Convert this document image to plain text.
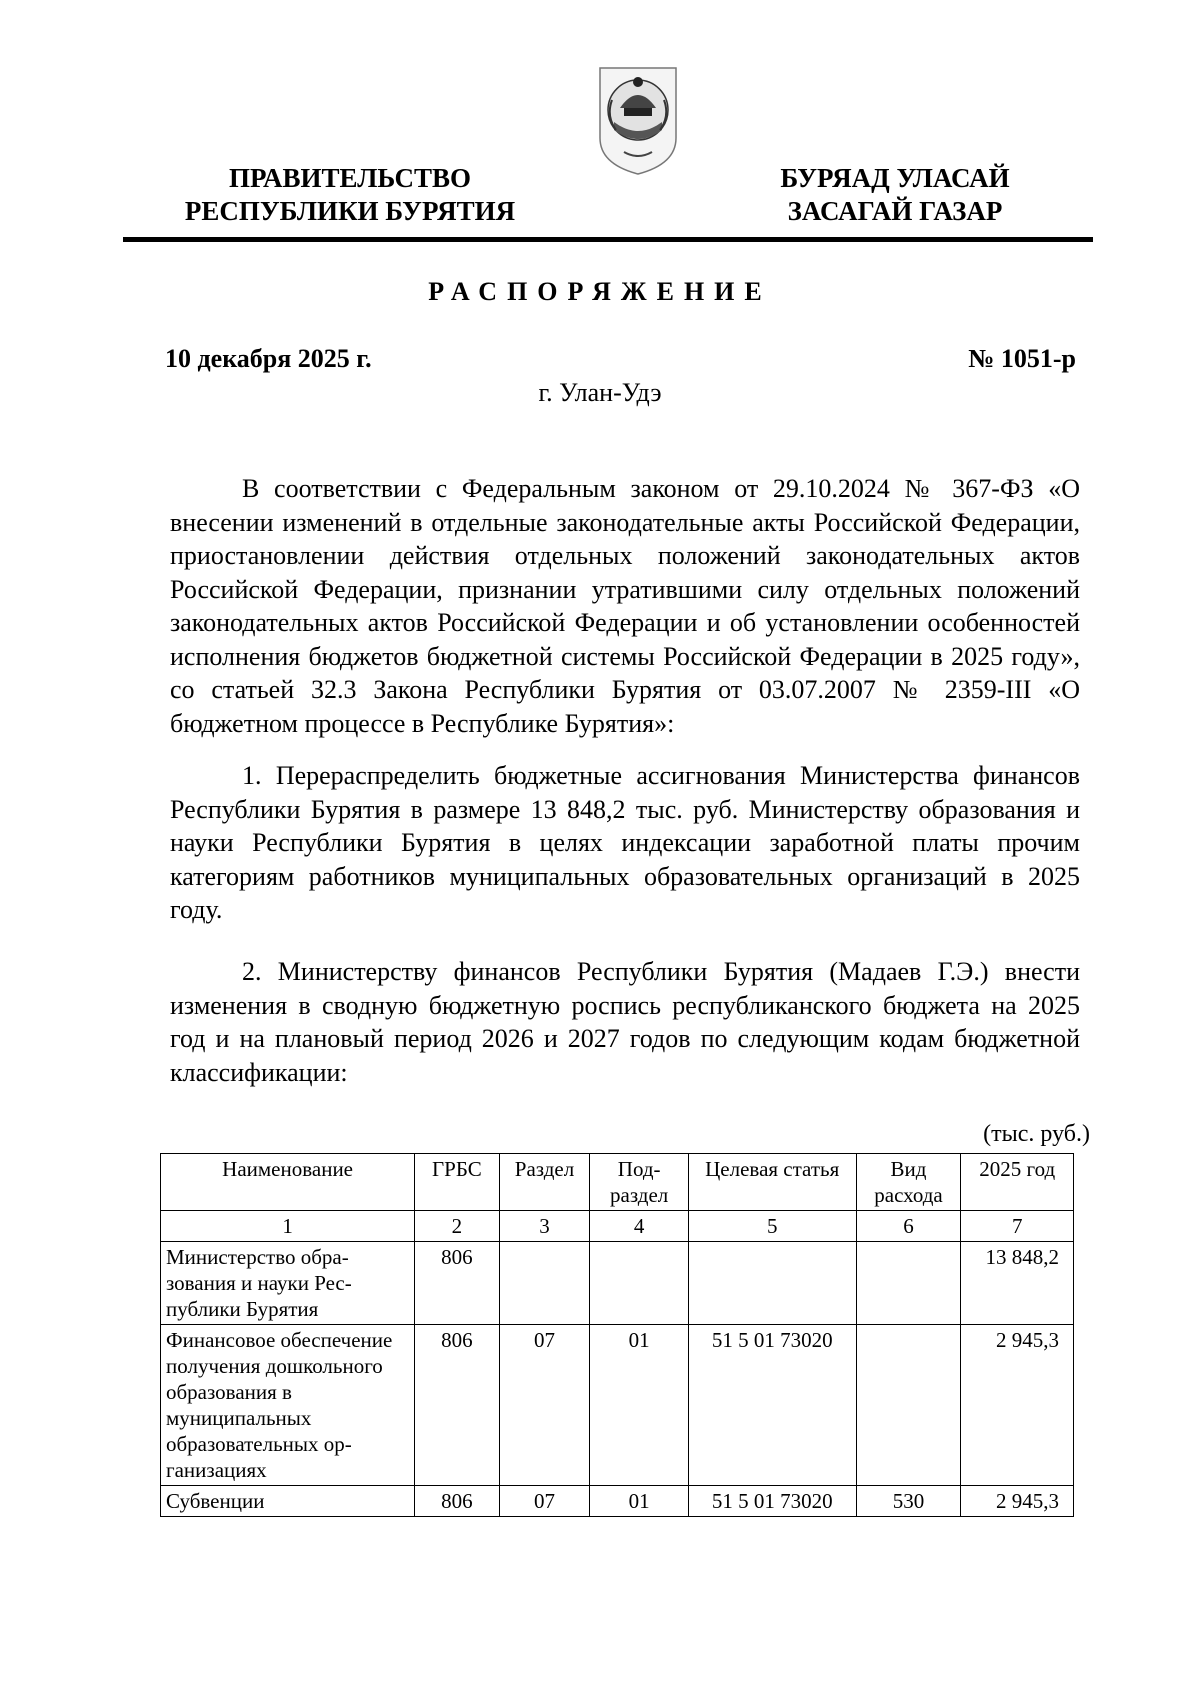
ПРАВИТЕЛЬСТВО
РЕСПУБЛИКИ БУРЯТИЯ
БУРЯАД УЛАСАЙ
ЗАСАГАЙ ГАЗАР
РАСПОРЯЖЕНИЕ
10 декабря 2025 г.	№ 1051-р
г. Улан-Удэ

В соответствии с Федеральным законом от 29.10.2024 № 367-ФЗ «О внесении изменений в отдельные законодательные акты Российской Федерации, приостановлении действия отдельных положений законодательных актов Российской Федерации, признании утратившими силу отдельных положений законодательных актов Российской Федерации и об установлении особенностей исполнения бюджетов бюджетной системы Российской Федерации в 2025 году», со статьей 32.3 Закона Республики Бурятия от 03.07.2007 № 2359-III «О бюджетном процессе в Республике Бурятия»:

1. Перераспределить бюджетные ассигнования Министерства финансов Республики Бурятия в размере 13 848,2 тыс. руб. Министерству образования и науки Республики Бурятия в целях индексации заработной платы прочим категориям работников муниципальных образовательных организаций в 2025 году.

2. Министерству финансов Республики Бурятия (Мадаев Г.Э.) внести изменения в сводную бюджетную роспись республиканского бюджета на 2025 год и на плановый период 2026 и 2027 годов по следующим кодам бюджетной классификации:

(тыс. руб.)
Наименование	ГРБС	Раздел	Подраздел	Целевая статья	Вид расхода	2025 год
1	2	3	4	5	6	7
Министерство образования и науки Республики Бурятия	806					13 848,2
Финансовое обеспечение получения дошкольного образования в муниципальных образовательных организациях	806	07	01	51 5 01 73020		2 945,3
Субвенции	806	07	01	51 5 01 73020	530	2 945,3
